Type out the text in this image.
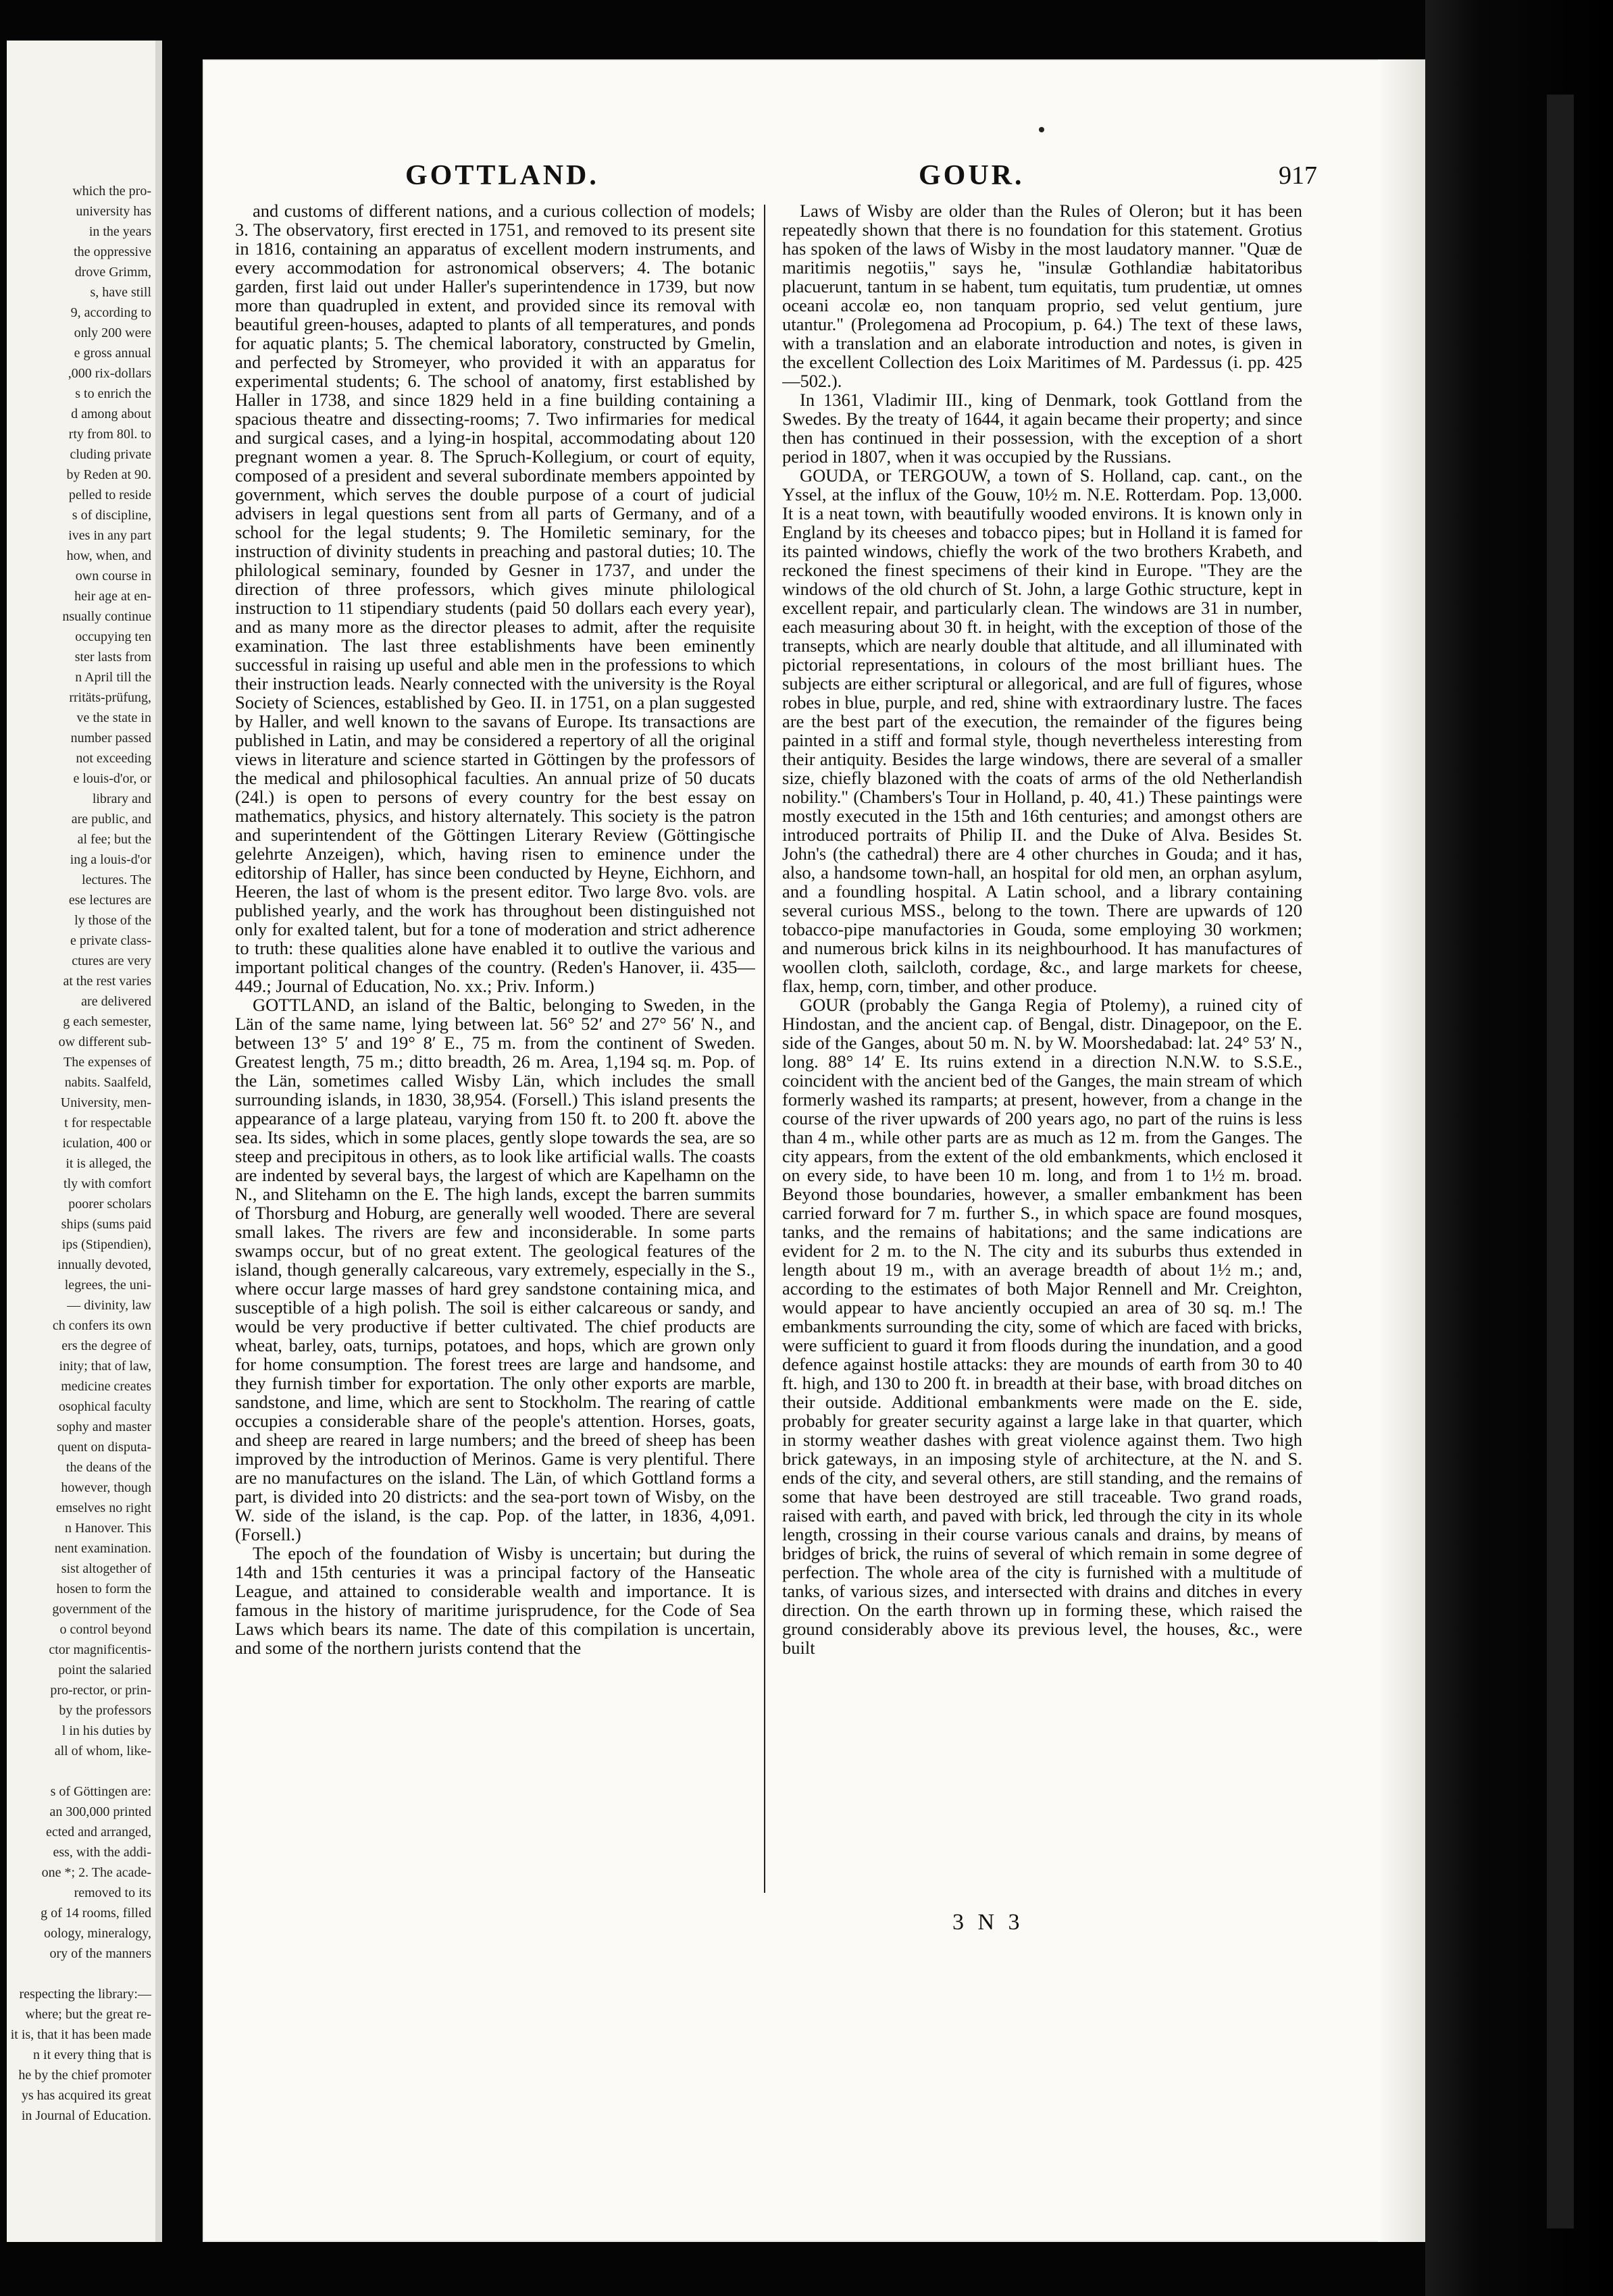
which the pro-
university has
in the years
the oppressive
drove Grimm,
s, have still
9, according to
only 200 were
e gross annual
,000 rix-dollars
s to enrich the
d among about
rty from 80l. to
cluding private
by Reden at 90.
pelled to reside
s of discipline,
ives in any part
how, when, and
own course in
heir age at en-
nsually continue
occupying ten
ster lasts from
n April till the
rritäts-prüfung,
ve the state in
number passed
not exceeding
e louis-d'or, or
library and
are public, and
al fee; but the
ing a louis-d'or
lectures. The
ese lectures are
ly those of the
e private class-
ctures are very
at the rest varies
are delivered
g each semester,
ow different sub-
The expenses of
nabits. Saalfeld,
University, men-
t for respectable
iculation, 400 or
it is alleged, the
tly with comfort
poorer scholars
ships (sums paid
ips (Stipendien),
innually devoted,
legrees, the uni-
— divinity, law
ch confers its own
ers the degree of
inity; that of law,
medicine creates
osophical faculty
sophy and master
quent on disputa-
the deans of the
however, though
emselves no right
n Hanover. This
nent examination.
sist altogether of
hosen to form the
government of the
o control beyond
ctor magnificentis-
point the salaried
pro-rector, or prin-
by the professors
l in his duties by
all of whom, like-
s of Göttingen are:
an 300,000 printed
ected and arranged,
ess, with the addi-
one *; 2. The acade-
removed to its
g of 14 rooms, filled
oology, mineralogy,
ory of the manners
respecting the library:—
where; but the great re-
it is, that it has been made
n it every thing that is
he by the chief promoter
ys has acquired its great
in Journal of Education.
GOTTLAND.	GOUR.	917

and customs of different nations, and a curious collection of models; 3. The observatory, first erected in 1751, and removed to its present site in 1816, containing an apparatus of excellent modern instruments, and every accommodation for astronomical observers; 4. The botanic garden, first laid out under Haller's superintendence in 1739, but now more than quadrupled in extent, and provided since its removal with beautiful green-houses, adapted to plants of all temperatures, and ponds for aquatic plants; 5. The chemical laboratory, constructed by Gmelin, and perfected by Stromeyer, who provided it with an apparatus for experimental students; 6. The school of anatomy, first established by Haller in 1738, and since 1829 held in a fine building containing a spacious theatre and dissecting-rooms; 7. Two infirmaries for medical and surgical cases, and a lying-in hospital, accommodating about 120 pregnant women a year. 8. The Spruch-Kollegium, or court of equity, composed of a president and several subordinate members appointed by government, which serves the double purpose of a court of judicial advisers in legal questions sent from all parts of Germany, and of a school for the legal students; 9. The Homiletic seminary, for the instruction of divinity students in preaching and pastoral duties; 10. The philological seminary, founded by Gesner in 1737, and under the direction of three professors, which gives minute philological instruction to 11 stipendiary students (paid 50 dollars each every year), and as many more as the director pleases to admit, after the requisite examination. The last three establishments have been eminently successful in raising up useful and able men in the professions to which their instruction leads. Nearly connected with the university is the Royal Society of Sciences, established by Geo. II. in 1751, on a plan suggested by Haller, and well known to the savans of Europe. Its transactions are published in Latin, and may be considered a repertory of all the original views in literature and science started in Göttingen by the professors of the medical and philosophical faculties. An annual prize of 50 ducats (24l.) is open to persons of every country for the best essay on mathematics, physics, and history alternately. This society is the patron and superintendent of the Göttingen Literary Review (Göttingische gelehrte Anzeigen), which, having risen to eminence under the editorship of Haller, has since been conducted by Heyne, Eichhorn, and Heeren, the last of whom is the present editor. Two large 8vo. vols. are published yearly, and the work has throughout been distinguished not only for exalted talent, but for a tone of moderation and strict adherence to truth: these qualities alone have enabled it to outlive the various and important political changes of the country. (Reden's Hanover, ii. 435—449.; Journal of Education, No. xx.; Priv. Inform.)

GOTTLAND, an island of the Baltic, belonging to Sweden, in the Län of the same name, lying between lat. 56° 52′ and 27° 56′ N., and between 13° 5′ and 19° 8′ E., 75 m. from the continent of Sweden. Greatest length, 75 m.; ditto breadth, 26 m. Area, 1,194 sq. m. Pop. of the Län, sometimes called Wisby Län, which includes the small surrounding islands, in 1830, 38,954. (Forsell.) This island presents the appearance of a large plateau, varying from 150 ft. to 200 ft. above the sea. Its sides, which in some places, gently slope towards the sea, are so steep and precipitous in others, as to look like artificial walls. The coasts are indented by several bays, the largest of which are Kapelhamn on the N., and Slitehamn on the E. The high lands, except the barren summits of Thorsburg and Hoburg, are generally well wooded. There are several small lakes. The rivers are few and inconsiderable. In some parts swamps occur, but of no great extent. The geological features of the island, though generally calcareous, vary extremely, especially in the S., where occur large masses of hard grey sandstone containing mica, and susceptible of a high polish. The soil is either calcareous or sandy, and would be very productive if better cultivated. The chief products are wheat, barley, oats, turnips, potatoes, and hops, which are grown only for home consumption. The forest trees are large and handsome, and they furnish timber for exportation. The only other exports are marble, sandstone, and lime, which are sent to Stockholm. The rearing of cattle occupies a considerable share of the people's attention. Horses, goats, and sheep are reared in large numbers; and the breed of sheep has been improved by the introduction of Merinos. Game is very plentiful. There are no manufactures on the island. The Län, of which Gottland forms a part, is divided into 20 districts: and the sea-port town of Wisby, on the W. side of the island, is the cap. Pop. of the latter, in 1836, 4,091. (Forsell.)

The epoch of the foundation of Wisby is uncertain; but during the 14th and 15th centuries it was a principal factory of the Hanseatic League, and attained to considerable wealth and importance. It is famous in the history of maritime jurisprudence, for the Code of Sea Laws which bears its name. The date of this compilation is uncertain, and some of the northern jurists contend that the

Laws of Wisby are older than the Rules of Oleron; but it has been repeatedly shown that there is no foundation for this statement. Grotius has spoken of the laws of Wisby in the most laudatory manner. "Quæ de maritimis negotiis," says he, "insulæ Gothlandiæ habitatoribus placuerunt, tantum in se habent, tum equitatis, tum prudentiæ, ut omnes oceani accolæ eo, non tanquam proprio, sed velut gentium, jure utantur." (Prolegomena ad Procopium, p. 64.) The text of these laws, with a translation and an elaborate introduction and notes, is given in the excellent Collection des Loix Maritimes of M. Pardessus (i. pp. 425—502.).

In 1361, Vladimir III., king of Denmark, took Gottland from the Swedes. By the treaty of 1644, it again became their property; and since then has continued in their possession, with the exception of a short period in 1807, when it was occupied by the Russians.

GOUDA, or TERGOUW, a town of S. Holland, cap. cant., on the Yssel, at the influx of the Gouw, 10½ m. N.E. Rotterdam. Pop. 13,000. It is a neat town, with beautifully wooded environs. It is known only in England by its cheeses and tobacco pipes; but in Holland it is famed for its painted windows, chiefly the work of the two brothers Krabeth, and reckoned the finest specimens of their kind in Europe. "They are the windows of the old church of St. John, a large Gothic structure, kept in excellent repair, and particularly clean. The windows are 31 in number, each measuring about 30 ft. in height, with the exception of those of the transepts, which are nearly double that altitude, and all illuminated with pictorial representations, in colours of the most brilliant hues. The subjects are either scriptural or allegorical, and are full of figures, whose robes in blue, purple, and red, shine with extraordinary lustre. The faces are the best part of the execution, the remainder of the figures being painted in a stiff and formal style, though nevertheless interesting from their antiquity. Besides the large windows, there are several of a smaller size, chiefly blazoned with the coats of arms of the old Netherlandish nobility." (Chambers's Tour in Holland, p. 40, 41.) These paintings were mostly executed in the 15th and 16th centuries; and amongst others are introduced portraits of Philip II. and the Duke of Alva. Besides St. John's (the cathedral) there are 4 other churches in Gouda; and it has, also, a handsome town-hall, an hospital for old men, an orphan asylum, and a foundling hospital. A Latin school, and a library containing several curious MSS., belong to the town. There are upwards of 120 tobacco-pipe manufactories in Gouda, some employing 30 workmen; and numerous brick kilns in its neighbourhood. It has manufactures of woollen cloth, sailcloth, cordage, &c., and large markets for cheese, flax, hemp, corn, timber, and other produce.

GOUR (probably the Ganga Regia of Ptolemy), a ruined city of Hindostan, and the ancient cap. of Bengal, distr. Dinagepoor, on the E. side of the Ganges, about 50 m. N. by W. Moorshedabad: lat. 24° 53′ N., long. 88° 14′ E. Its ruins extend in a direction N.N.W. to S.S.E., coincident with the ancient bed of the Ganges, the main stream of which formerly washed its ramparts; at present, however, from a change in the course of the river upwards of 200 years ago, no part of the ruins is less than 4 m., while other parts are as much as 12 m. from the Ganges. The city appears, from the extent of the old embankments, which enclosed it on every side, to have been 10 m. long, and from 1 to 1½ m. broad. Beyond those boundaries, however, a smaller embankment has been carried forward for 7 m. further S., in which space are found mosques, tanks, and the remains of habitations; and the same indications are evident for 2 m. to the N. The city and its suburbs thus extended in length about 19 m., with an average breadth of about 1½ m.; and, according to the estimates of both Major Rennell and Mr. Creighton, would appear to have anciently occupied an area of 30 sq. m.! The embankments surrounding the city, some of which are faced with bricks, were sufficient to guard it from floods during the inundation, and a good defence against hostile attacks: they are mounds of earth from 30 to 40 ft. high, and 130 to 200 ft. in breadth at their base, with broad ditches on their outside. Additional embankments were made on the E. side, probably for greater security against a large lake in that quarter, which in stormy weather dashes with great violence against them. Two high brick gateways, in an imposing style of architecture, at the N. and S. ends of the city, and several others, are still standing, and the remains of some that have been destroyed are still traceable. Two grand roads, raised with earth, and paved with brick, led through the city in its whole length, crossing in their course various canals and drains, by means of bridges of brick, the ruins of several of which remain in some degree of perfection. The whole area of the city is furnished with a multitude of tanks, of various sizes, and intersected with drains and ditches in every direction. On the earth thrown up in forming these, which raised the ground considerably above its previous level, the houses, &c., were built

3 N 3
